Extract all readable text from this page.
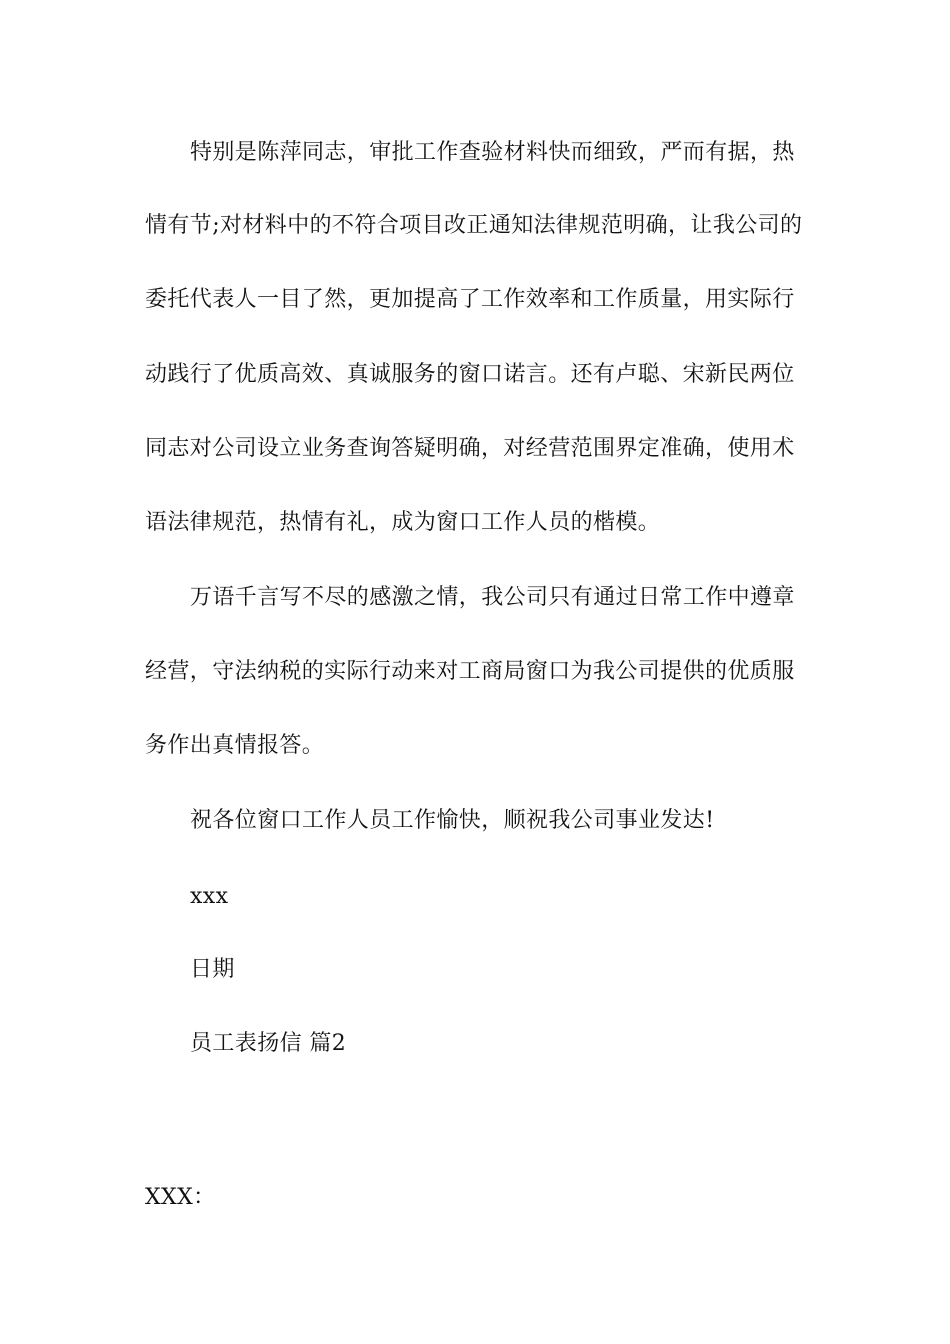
特别是陈萍同志，审批工作查验材料快而细致，严而有据，热
情有节;对材料中的不符合项目改正通知法律规范明确，让我公司的
委托代表人一目了然，更加提高了工作效率和工作质量，用实际行
动践行了优质高效、真诚服务的窗口诺言。还有卢聪、宋新民两位
同志对公司设立业务查询答疑明确，对经营范围界定准确，使用术
语法律规范，热情有礼，成为窗口工作人员的楷模。
万语千言写不尽的感激之情，我公司只有通过日常工作中遵章
经营，守法纳税的实际行动来对工商局窗口为我公司提供的优质服
务作出真情报答。
祝各位窗口工作人员工作愉快，顺祝我公司事业发达!
xxx
日期
员工表扬信 篇2
XXX：
